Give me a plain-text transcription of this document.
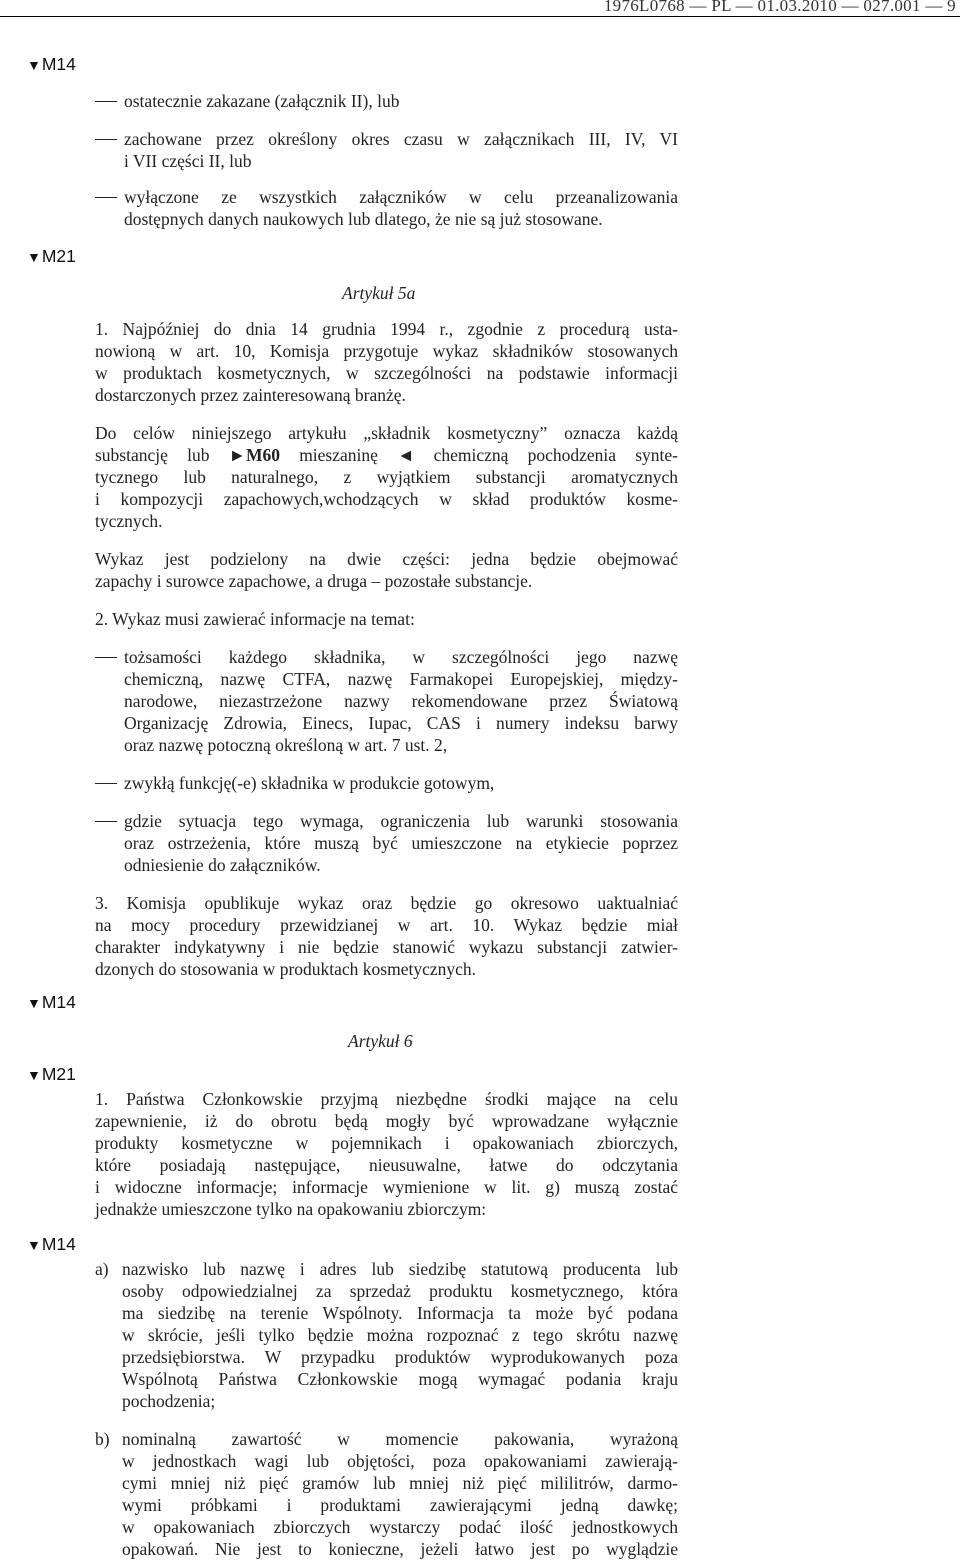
1976L0768 — PL — 01.03.2010 — 027.001 — 9
▼M14
▼M21
▼M14
▼M21
▼M14
ostatecznie zakazane (załącznik II), lub
zachowane przez określony okres czasu w załącznikach III, IV, VI
i VII części II, lub
wyłączone ze wszystkich załączników w celu przeanalizowania
dostępnych danych naukowych lub dlatego, że nie są już stosowane.
Artykuł 5a
1. Najpóźniej do dnia 14 grudnia 1994 r., zgodnie z procedurą usta-
nowioną w art. 10, Komisja przygotuje wykaz składników stosowanych
w produktach kosmetycznych, w szczególności na podstawie informacji
dostarczonych przez zainteresowaną branżę.
Do celów niniejszego artykułu „składnik kosmetyczny” oznacza każdą
substancję lub ►M60 mieszaninę ◄ chemiczną pochodzenia synte-
tycznego lub naturalnego, z wyjątkiem substancji aromatycznych
i kompozycji zapachowych,wchodzących w skład produktów kosme-
tycznych.
Wykaz jest podzielony na dwie części: jedna będzie obejmować
zapachy i surowce zapachowe, a druga – pozostałe substancje.
2. Wykaz musi zawierać informacje na temat:
tożsamości każdego składnika, w szczególności jego nazwę
chemiczną, nazwę CTFA, nazwę Farmakopei Europejskiej, między-
narodowe, niezastrzeżone nazwy rekomendowane przez Światową
Organizację Zdrowia, Einecs, Iupac, CAS i numery indeksu barwy
oraz nazwę potoczną określoną w art. 7 ust. 2,
zwykłą funkcję(-e) składnika w produkcie gotowym,
gdzie sytuacja tego wymaga, ograniczenia lub warunki stosowania
oraz ostrzeżenia, które muszą być umieszczone na etykiecie poprzez
odniesienie do załączników.
3. Komisja opublikuje wykaz oraz będzie go okresowo uaktualniać
na mocy procedury przewidzianej w art. 10. Wykaz będzie miał
charakter indykatywny i nie będzie stanowić wykazu substancji zatwier-
dzonych do stosowania w produktach kosmetycznych.
Artykuł 6
1. Państwa Członkowskie przyjmą niezbędne środki mające na celu
zapewnienie, iż do obrotu będą mogły być wprowadzane wyłącznie
produkty kosmetyczne w pojemnikach i opakowaniach zbiorczych,
które posiadają następujące, nieusuwalne, łatwe do odczytania
i widoczne informacje; informacje wymienione w lit. g) muszą zostać
jednakże umieszczone tylko na opakowaniu zbiorczym:
a) nazwisko lub nazwę i adres lub siedzibę statutową producenta lub
osoby odpowiedzialnej za sprzedaż produktu kosmetycznego, która
ma siedzibę na terenie Wspólnoty. Informacja ta może być podana
w skrócie, jeśli tylko będzie można rozpoznać z tego skrótu nazwę
przedsiębiorstwa. W przypadku produktów wyprodukowanych poza
Wspólnotą Państwa Członkowskie mogą wymagać podania kraju
pochodzenia;
b) nominalną zawartość w momencie pakowania, wyrażoną
w jednostkach wagi lub objętości, poza opakowaniami zawierają-
cymi mniej niż pięć gramów lub mniej niż pięć mililitrów, darmo-
wymi próbkami i produktami zawierającymi jedną dawkę;
w opakowaniach zbiorczych wystarczy podać ilość jednostkowych
opakowań. Nie jest to konieczne, jeżeli łatwo jest po wyglądzie
